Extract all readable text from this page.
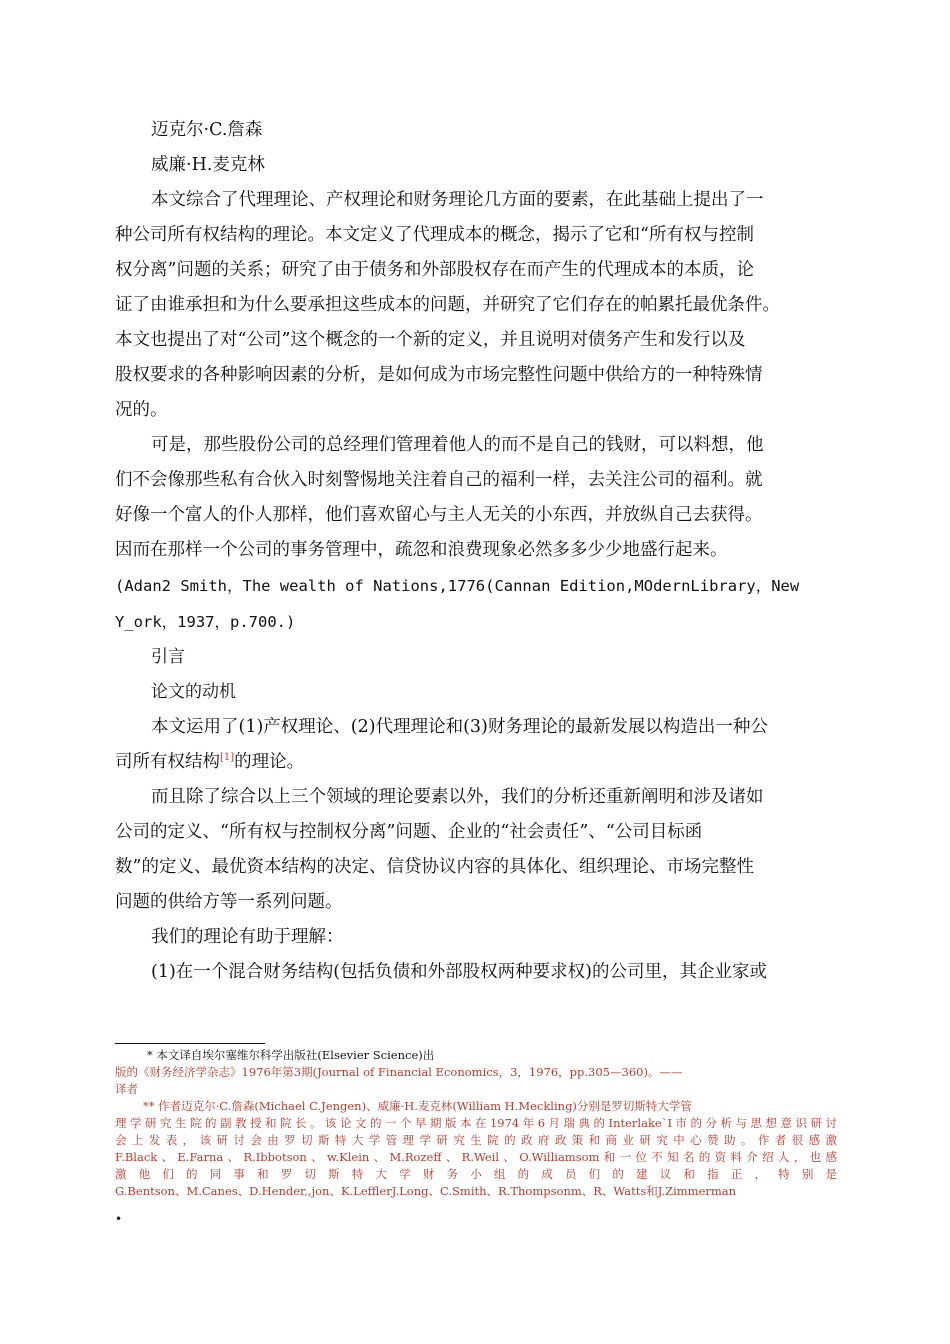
迈克尔·C.詹森

威廉·H.麦克林

本文综合了代理理论、产权理论和财务理论几方面的要素，在此基础上提出了一

种公司所有权结构的理论。本文定义了代理成本的概念，揭示了它和“所有权与控制

权分离”问题的关系；研究了由于债务和外部股权存在而产生的代理成本的本质，论

证了由谁承担和为什么要承担这些成本的问题，并研究了它们存在的帕累托最优条件。

本文也提出了对“公司”这个概念的一个新的定义，并且说明对债务产生和发行以及

股权要求的各种影响因素的分析，是如何成为市场完整性问题中供给方的一种特殊情

况的。

可是，那些股份公司的总经理们管理着他人的而不是自己的钱财，可以料想，他

们不会像那些私有合伙入时刻警惕地关注着自己的福利一样，去关注公司的福利。就

好像一个富人的仆人那样，他们喜欢留心与主人无关的小东西，并放纵自己去获得。

因而在那样一个公司的事务管理中，疏忽和浪费现象必然多多少少地盛行起来。

(Adan2 Smith，The wealth of Nations,1776(Cannan Edition,MOdernLibrary，New

Y_ork，1937，p.700.)

引言

论文的动机

本文运用了(1)产权理论、(2)代理理论和(3)财务理论的最新发展以构造出一种公

司所有权结构[1]的理论。

而且除了综合以上三个领域的理论要素以外，我们的分析还重新阐明和涉及诸如

公司的定义、“所有权与控制权分离”问题、企业的“社会责任”、“公司目标函

数”的定义、最优资本结构的决定、信贷协议内容的具体化、组织理论、市场完整性

问题的供给方等一系列问题。

我们的理论有助于理解：

(1)在一个混合财务结构(包括负债和外部股权两种要求权)的公司里，其企业家或

* 本文译自埃尔塞维尔科学出版社(Elsevier Science)出

版的《财务经济学杂志》1976年第3期(Journal of Financial Economics，3，1976，pp.305—360)。——

译者

** 作者迈克尔·C.詹森(Michael C.Jengen)、威廉·H.麦克林(William H.Meckling)分别是罗切斯特大学管

理学研究生院的副教授和院长。该论文的一个早期版本在1974年6月瑞典的Interlake`I市的分析与思想意识研讨

会上发表，该研讨会由罗切斯特大学管理学研究生院的政府政策和商业研究中心赞助。作者很感激

F.Black、E.Farna、R.Ibbotson、w.Klein、M.Rozeff、R.Weil、O.Williamsom和一位不知名的资料介绍人，也感

激他们的同事和罗切斯特大学财务小组的成员们的建议和指正，特别是

G.Bentson、M.Canes、D.Hender,,jon、K.LefflerJ.Long、C.Smith、R.Thompsonm、R、Watts和J.Zimmerman

•
